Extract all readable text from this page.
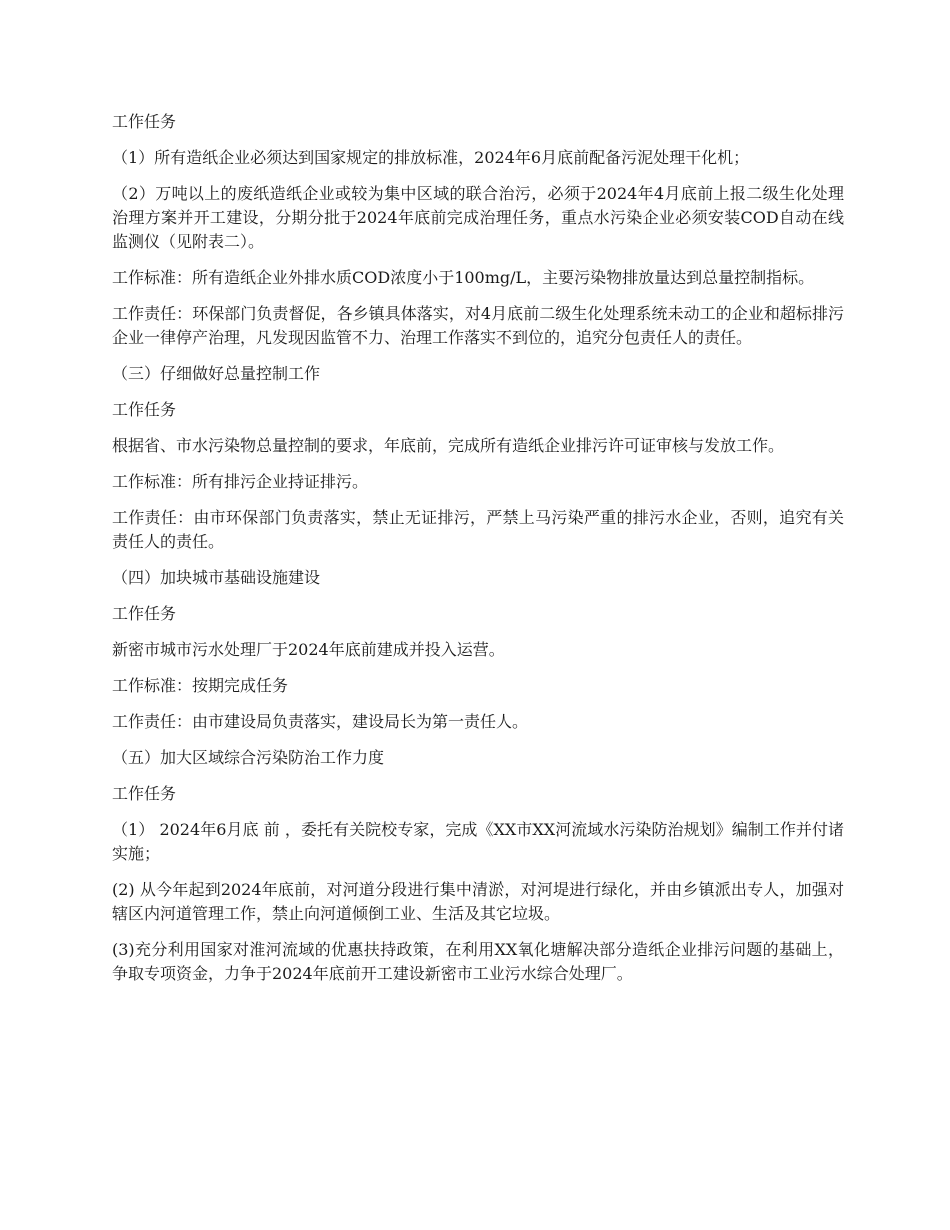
工作任务

（1）所有造纸企业必须达到国家规定的排放标准，2024年6月底前配备污泥处理干化机；

（2）万吨以上的废纸造纸企业或较为集中区域的联合治污，必须于2024年4月底前上报二级生化处理治理方案并开工建设，分期分批于2024年底前完成治理任务，重点水污染企业必须安装COD自动在线监测仪（见附表二）。

工作标准：所有造纸企业外排水质COD浓度小于100mg/L，主要污染物排放量达到总量控制指标。

工作责任：环保部门负责督促，各乡镇具体落实，对4月底前二级生化处理系统未动工的企业和超标排污企业一律停产治理，凡发现因监管不力、治理工作落实不到位的，追究分包责任人的责任。

（三）仔细做好总量控制工作

工作任务

根据省、市水污染物总量控制的要求，年底前，完成所有造纸企业排污许可证审核与发放工作。

工作标准：所有排污企业持证排污。

工作责任：由市环保部门负责落实，禁止无证排污，严禁上马污染严重的排污水企业，否则，追究有关责任人的责任。

（四）加块城市基础设施建设

工作任务

新密市城市污水处理厂于2024年底前建成并投入运营。

工作标准：按期完成任务

工作责任：由市建设局负责落实，建设局长为第一责任人。

（五）加大区域综合污染防治工作力度

工作任务

（1） 2024年6月底 前 ，委托有关院校专家，完成《XX市XX河流域水污染防治规划》编制工作并付诸实施；

(2) 从今年起到2024年底前，对河道分段进行集中清淤，对河堤进行绿化，并由乡镇派出专人，加强对辖区内河道管理工作，禁止向河道倾倒工业、生活及其它垃圾。

(3)充分利用国家对淮河流域的优惠扶持政策，在利用XX氧化塘解决部分造纸企业排污问题的基础上，争取专项资金，力争于2024年底前开工建设新密市工业污水综合处理厂。
